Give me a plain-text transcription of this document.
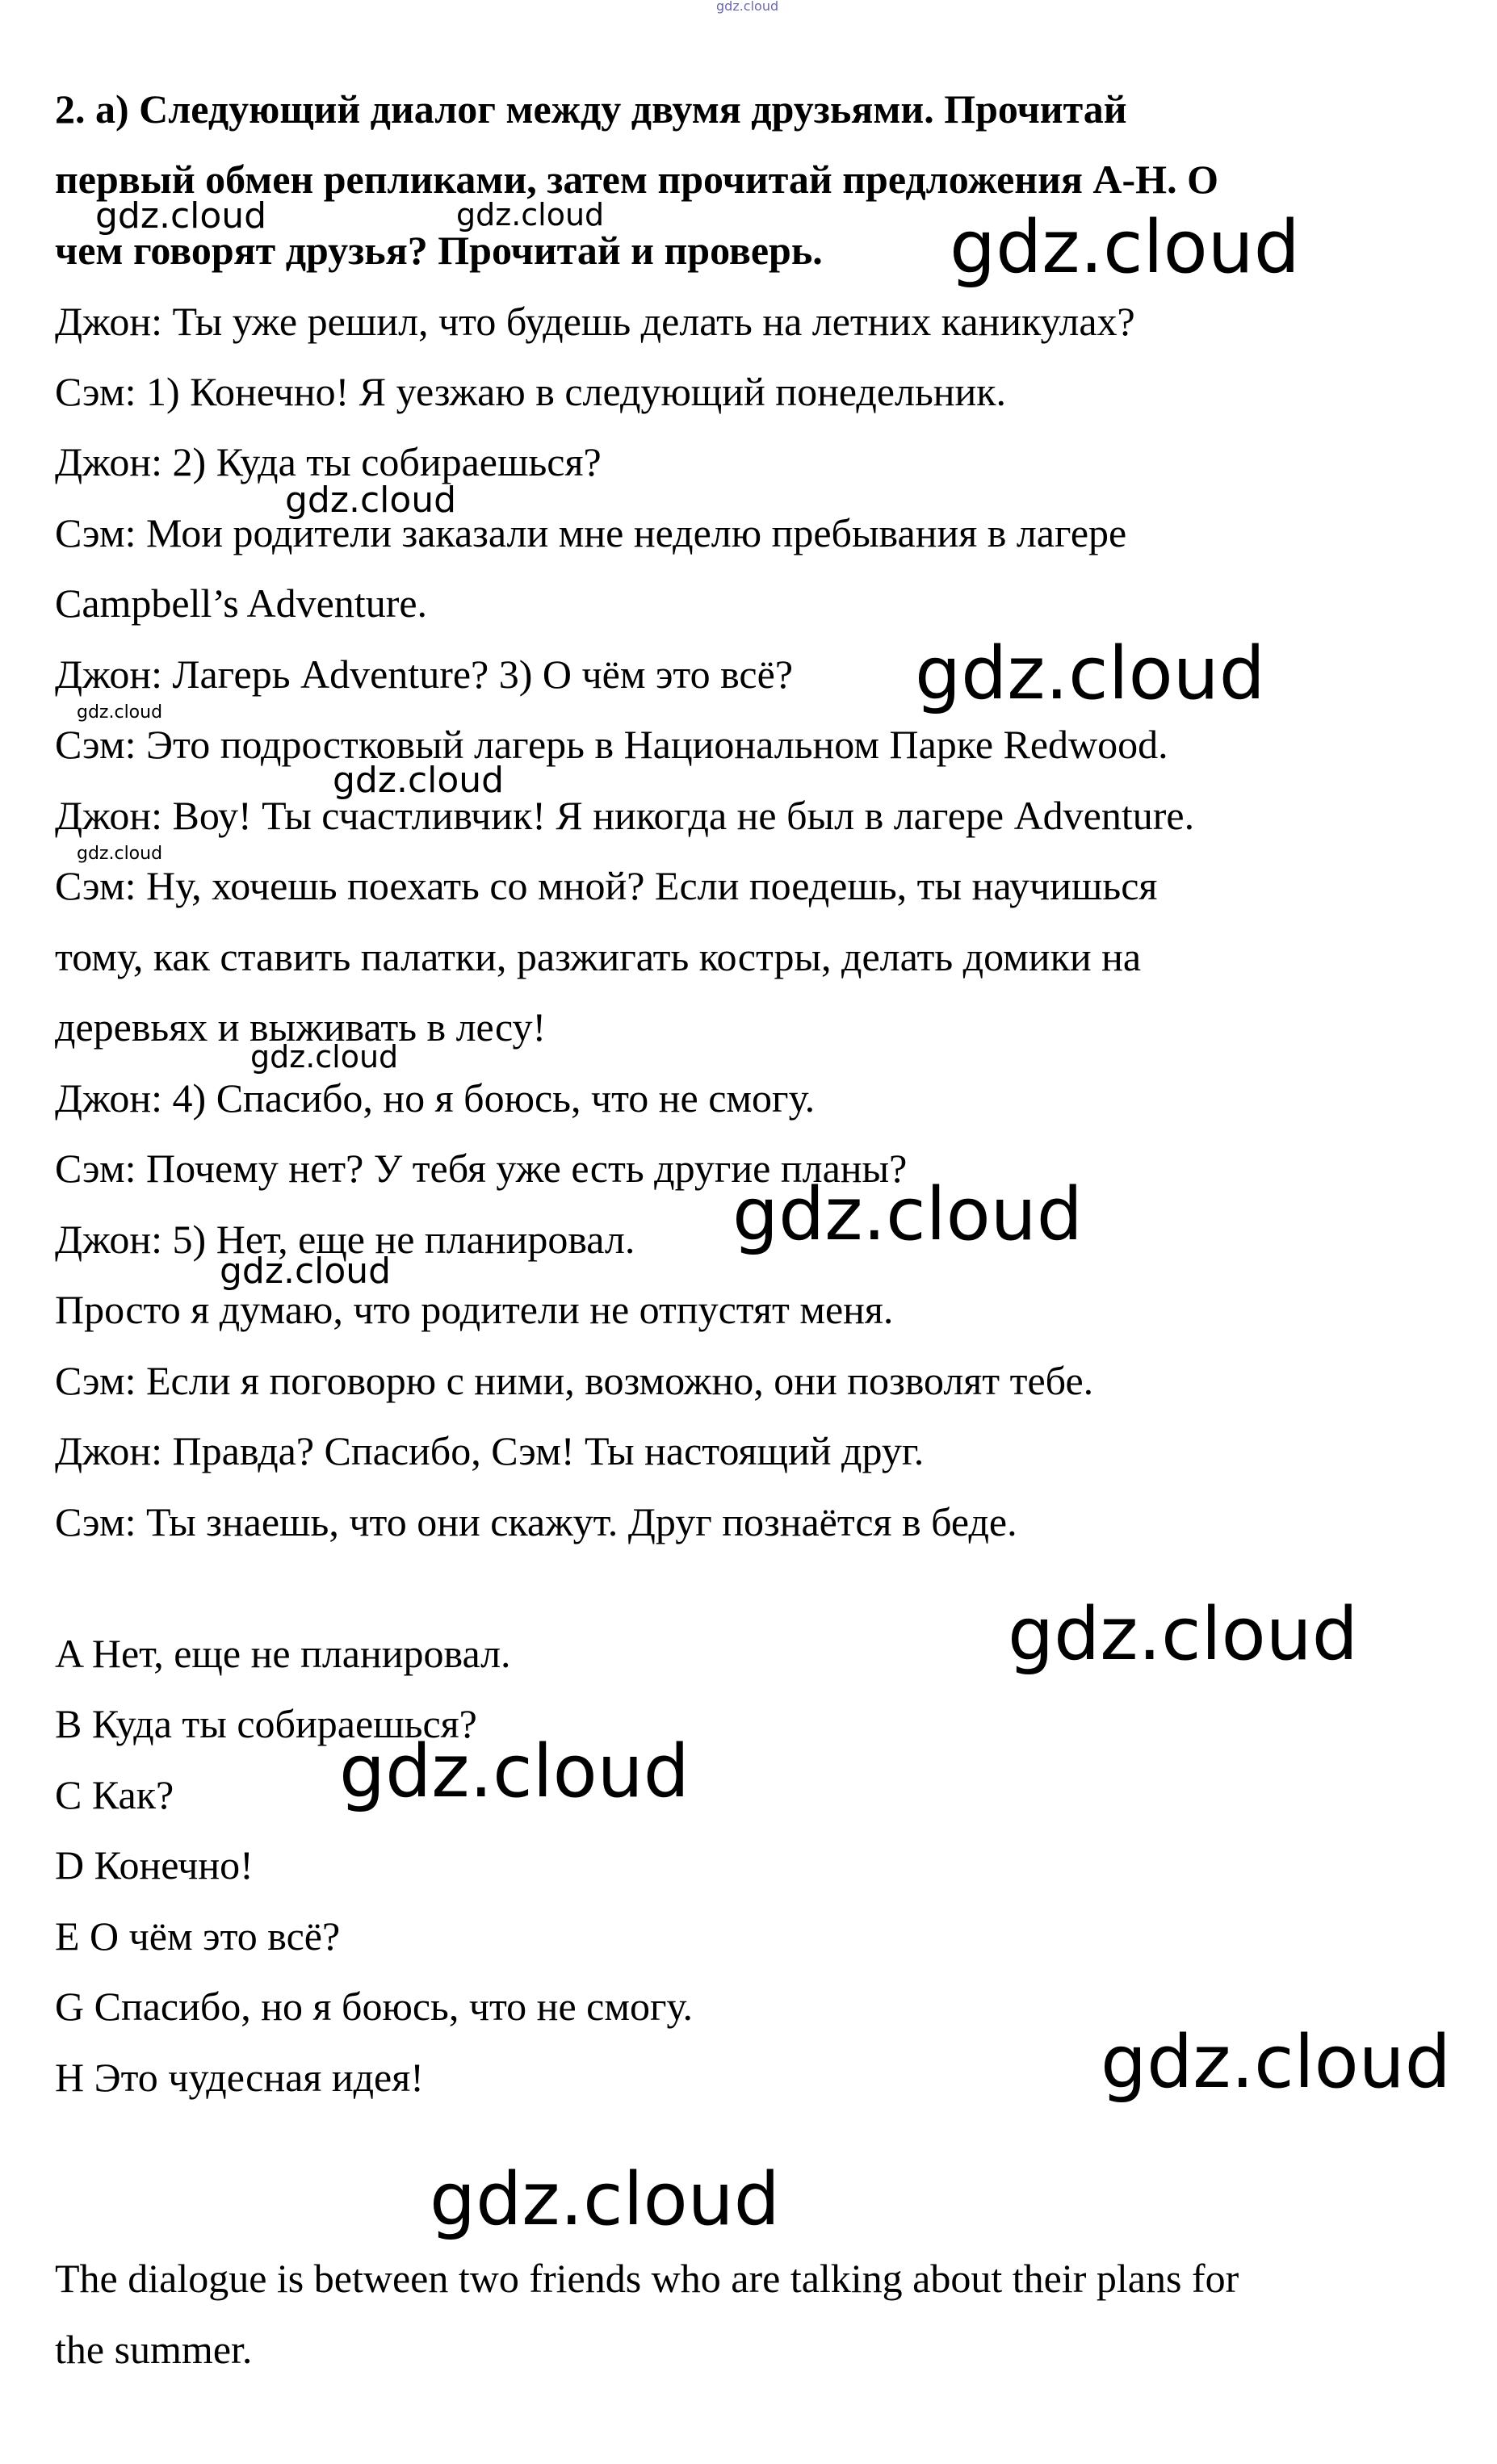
gdz.cloud
2. а) Следующий диалог между двумя друзьями. Прочитай
первый обмен репликами, затем прочитай предложения A-H. О
чем говорят друзья? Прочитай и проверь.
Джон: Ты уже решил, что будешь делать на летних каникулах?
Сэм: 1) Конечно! Я уезжаю в следующий понедельник.
Джон: 2) Куда ты собираешься?
Сэм: Мои родители заказали мне неделю пребывания в лагере
Campbell’s Adventure.
Джон: Лагерь Adventure? 3) О чём это всё?
Сэм: Это подростковый лагерь в Национальном Парке Redwood.
Джон: Воу! Ты счастливчик! Я никогда не был в лагере Adventure.
Сэм: Ну, хочешь поехать со мной? Если поедешь, ты научишься
тому, как ставить палатки, разжигать костры, делать домики на
деревьях и выживать в лесу!
Джон: 4) Спасибо, но я боюсь, что не смогу.
Сэм: Почему нет? У тебя уже есть другие планы?
Джон: 5) Нет, еще не планировал.
Просто я думаю, что родители не отпустят меня.
Сэм: Если я поговорю с ними, возможно, они позволят тебе.
Джон: Правда? Спасибо, Сэм! Ты настоящий друг.
Сэм: Ты знаешь, что они скажут. Друг познаётся в беде.
A Нет, еще не планировал.
B Куда ты собираешься?
C Как?
D Конечно!
E О чём это всё?
G Спасибо, но я боюсь, что не смогу.
H Это чудесная идея!
The dialogue is between two friends who are talking about their plans for
the summer.
gdz.cloud	gdz.cloud	gdz.cloud
gdz.cloud
gdz.cloud
gdz.cloud
gdz.cloud
gdz.cloud
gdz.cloud
gdz.cloud
gdz.cloud
gdz.cloud
gdz.cloud
gdz.cloud
gdz.cloud
